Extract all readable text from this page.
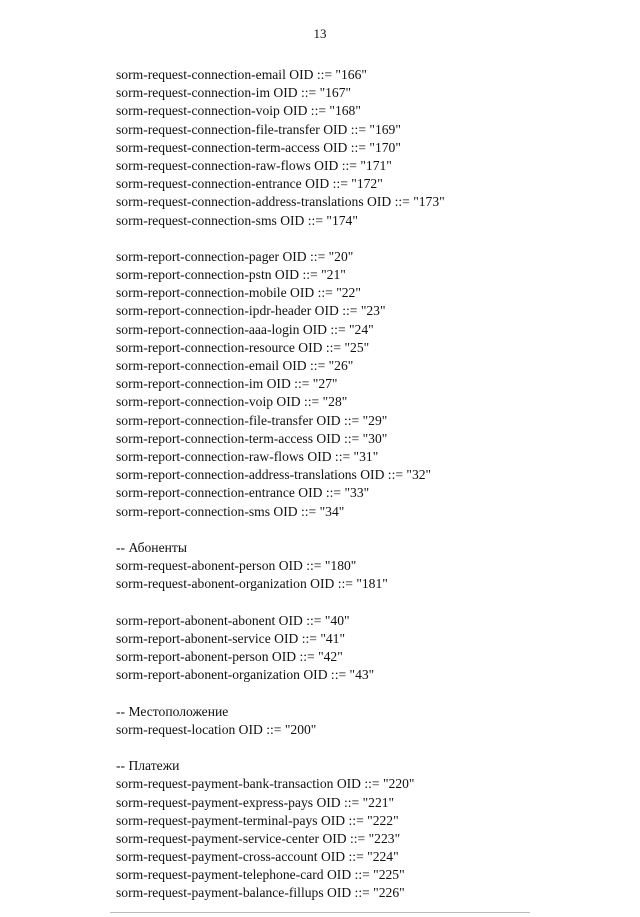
13
sorm-request-connection-email OID ::= "166"
sorm-request-connection-im OID ::= "167"
sorm-request-connection-voip OID ::= "168"
sorm-request-connection-file-transfer OID ::= "169"
sorm-request-connection-term-access OID ::= "170"
sorm-request-connection-raw-flows OID ::= "171"
sorm-request-connection-entrance OID ::= "172"
sorm-request-connection-address-translations OID ::= "173"
sorm-request-connection-sms OID ::= "174"
sorm-report-connection-pager OID ::= "20"
sorm-report-connection-pstn OID ::= "21"
sorm-report-connection-mobile OID ::= "22"
sorm-report-connection-ipdr-header OID ::= "23"
sorm-report-connection-aaa-login OID ::= "24"
sorm-report-connection-resource OID ::= "25"
sorm-report-connection-email OID ::= "26"
sorm-report-connection-im OID ::= "27"
sorm-report-connection-voip OID ::= "28"
sorm-report-connection-file-transfer OID ::= "29"
sorm-report-connection-term-access OID ::= "30"
sorm-report-connection-raw-flows OID ::= "31"
sorm-report-connection-address-translations OID ::= "32"
sorm-report-connection-entrance OID ::= "33"
sorm-report-connection-sms OID ::= "34"
-- Абоненты
sorm-request-abonent-person OID ::= "180"
sorm-request-abonent-organization OID ::= "181"
sorm-report-abonent-abonent OID ::= "40"
sorm-report-abonent-service OID ::= "41"
sorm-report-abonent-person OID ::= "42"
sorm-report-abonent-organization OID ::= "43"
-- Местоположение
sorm-request-location OID ::= "200"
-- Платежи
sorm-request-payment-bank-transaction OID ::= "220"
sorm-request-payment-express-pays OID ::= "221"
sorm-request-payment-terminal-pays OID ::= "222"
sorm-request-payment-service-center OID ::= "223"
sorm-request-payment-cross-account OID ::= "224"
sorm-request-payment-telephone-card OID ::= "225"
sorm-request-payment-balance-fillups OID ::= "226"
